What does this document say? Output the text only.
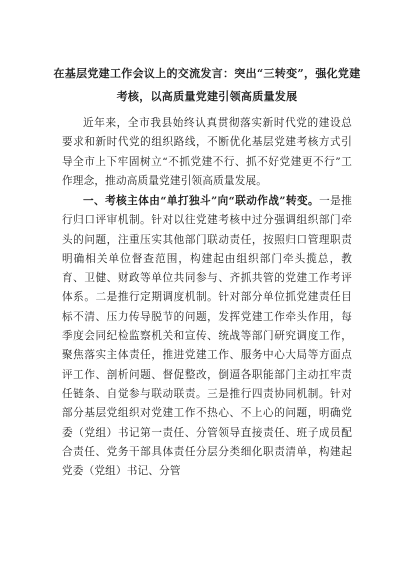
在基层党建工作会议上的交流发言：突出“三转变”，强化党建考核，以高质量党建引领高质量发展

近年来，全市我县始终认真贯彻落实新时代党的建设总要求和新时代党的组织路线，不断优化基层党建考核方式引导全市上下牢固树立“不抓党建不行、抓不好党建更不行”工作理念，推动高质量党建引领高质量发展。

一、考核主体由“单打独斗”向“联动作战”转变。一是推行归口评审机制。针对以往党建考核中过分强调组织部门牵头的问题，注重压实其他部门联动责任，按照归口管理职责明确相关单位督查范围，构建起由组织部门牵头揽总，教育、卫健、财政等单位共同参与、齐抓共管的党建工作考评体系。二是推行定期调度机制。针对部分单位抓党建责任目标不清、压力传导脱节的问题，发挥党建工作牵头作用，每季度会同纪检监察机关和宣传、统战等部门研究调度工作，聚焦落实主体责任，推进党建工作、服务中心大局等方面点评工作、剖析问题、督促整改，倒逼各职能部门主动扛牢责任链条、自觉参与联动联责。三是推行四责协同机制。针对部分基层党组织对党建工作不热心、不上心的问题，明确党委（党组）书记第一责任、分管领导直接责任、班子成员配合责任、党务干部具体责任分层分类细化职责清单，构建起党委（党组）书记、分管
